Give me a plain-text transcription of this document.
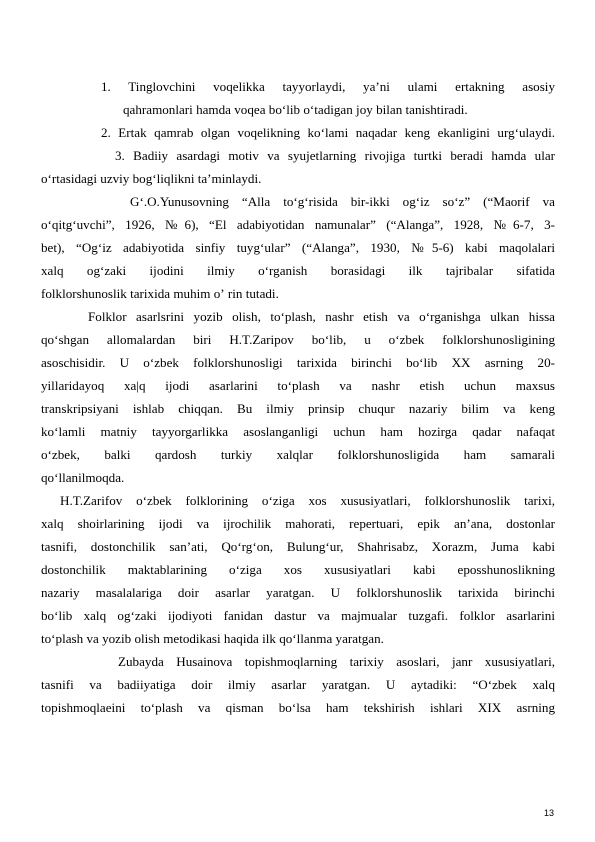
1. Tinglovchini voqelikka tayyorlaydi, ya’ni ulami ertakning asosiy
qahramonlari hamda voqea bo‘lib o‘tadigan joy bilan tanishtiradi.
2. Ertak qamrab olgan voqelikning ko‘lami naqadar keng ekanligini urg‘ulaydi.
3. Badiiy asardagi motiv va syujetlarning rivojiga turtki beradi hamda ular
o‘rtasidagi uzviy bog‘liqlikni ta’minlaydi.
G‘.O.Yunusovning “Alla to‘g‘risida bir-ikki og‘iz so‘z” (“Maorif va
o‘qitg‘uvchi”, 1926, №6), “El adabiyotidan namunalar” (“Alanga”, 1928, №6-7, 3-
bet), “Og‘iz adabiyotida sinfiy tuyg‘ular” (“Alanga”, 1930, №5-6) kabi maqolalari
xalq og‘zaki ijodini ilmiy o‘rganish borasidagi ilk tajribalar sifatida
folklorshunoslik tarixida muhim oʼ rin tutadi.
Folklor asarlsrini yozib olish, to‘plash, nashr etish va o‘rganishga ulkan hissa
qo‘shgan allomalardan biri H.T.Zaripov bo‘lib, u o‘zbek folklorshunosligining
asoschisidir. U o‘zbek folklorshunosligi tarixida birinchi bo‘lib XX asrning 20-
yillaridayoq xa|q ijodi asarlarini to‘plash va nashr etish uchun maxsus
transkripsiyani ishlab chiqqan. Bu ilmiy prinsip chuqur nazariy bilim va keng
ko‘lamli matniy tayyorgarlikka asoslanganligi uchun ham hozirga qadar nafaqat
o‘zbek, balki qardosh turkiy xalqlar folklorshunosligida ham samarali
qo‘llanilmoqda.
H.T.Zarifov o‘zbek folklorining o‘ziga xos xususiyatlari, folklorshunoslik tarixi,
xalq shoirlarining ijodi va ijrochilik mahorati, repertuari, epik an’ana, dostonlar
tasnifi, dostonchilik san’ati, Qo‘rg‘on, Bulung‘ur, Shahrisabz, Xorazm, Juma kabi
dostonchilik maktablarining o‘ziga xos xususiyatlari kabi eposshunoslikning
nazariy masalalariga doir asarlar yaratgan. U folklorshunoslik tarixida birinchi
bo‘lib xalq og‘zaki ijodiyoti fanidan dastur va majmualar tuzgafi. folklor asarlarini
to‘plash va yozib olish metodikasi haqida ilk qo‘llanma yaratgan.
Zubayda Husainova topishmoqlarning tarixiy asoslari, janr xususiyatlari,
tasnifi va badiiyatiga doir ilmiy asarlar yaratgan. U aytadiki: “O‘zbek xalq
topishmoqlaeini to‘plash va qisman bo‘lsa ham tekshirish ishlari XIX asrning
13
